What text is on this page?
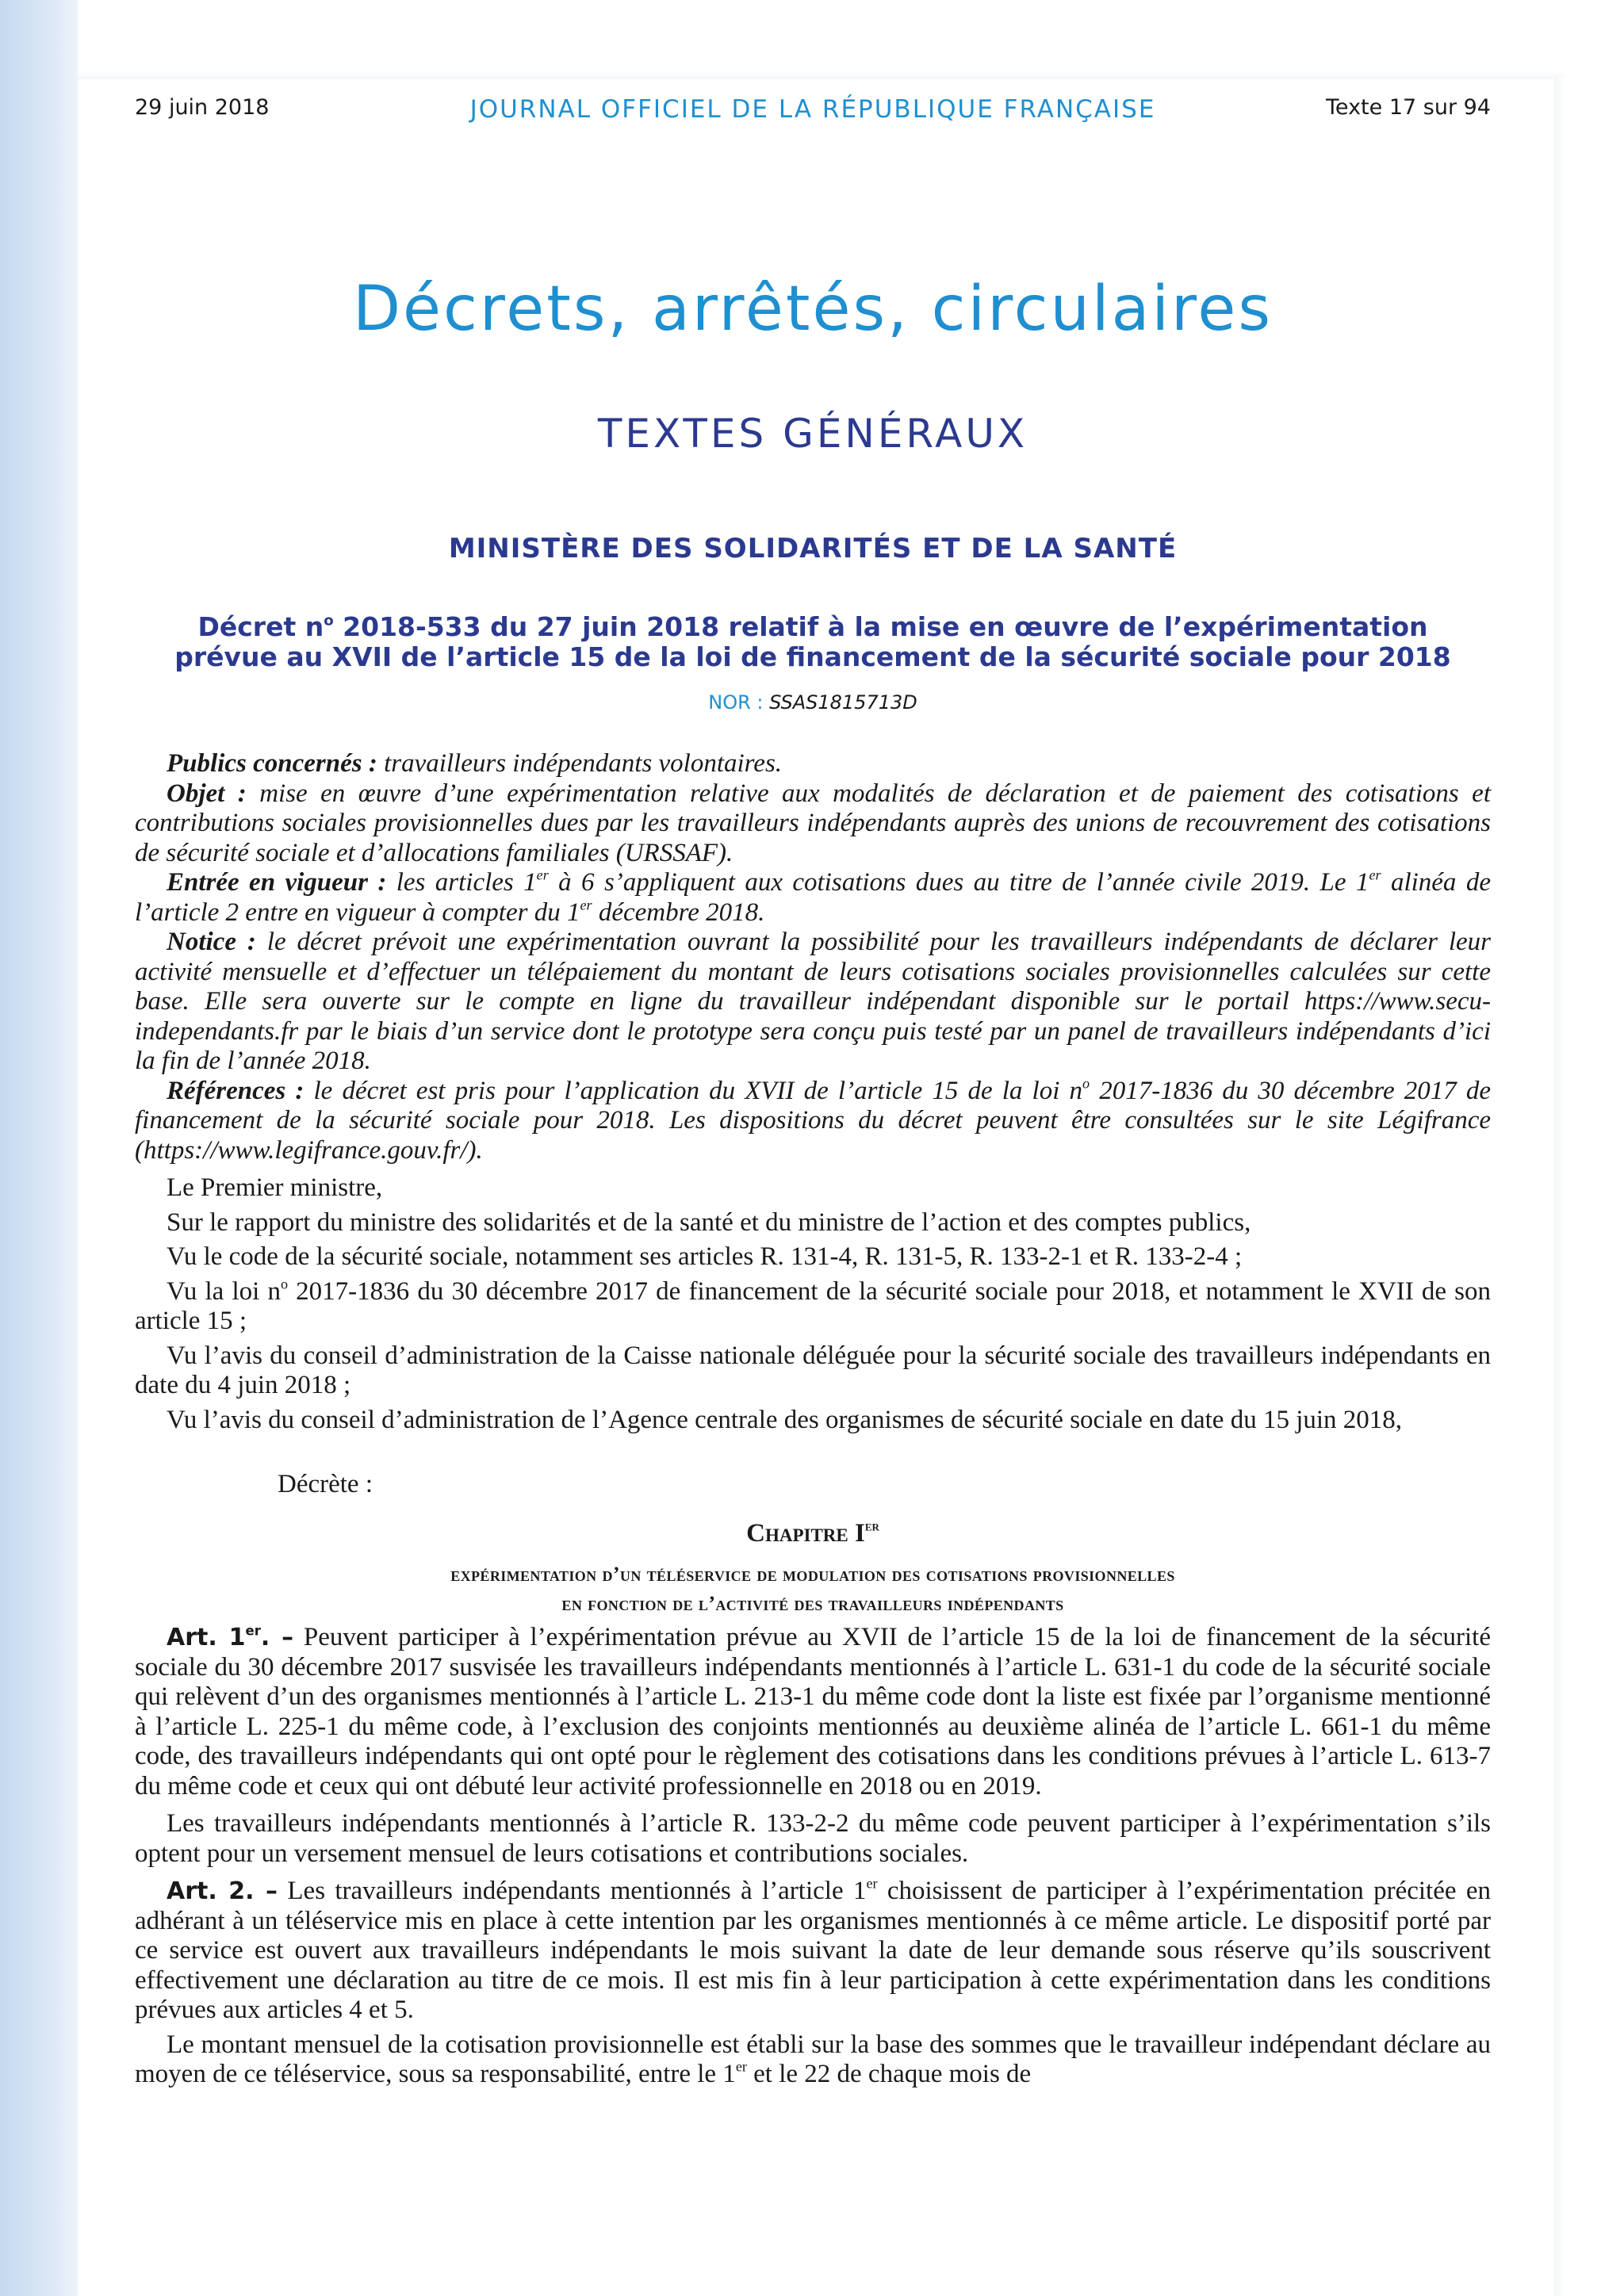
29 juin 2018	JOURNAL OFFICIEL DE LA RÉPUBLIQUE FRANÇAISE	Texte 17 sur 94
Décrets, arrêtés, circulaires
TEXTES GÉNÉRAUX
MINISTÈRE DES SOLIDARITÉS ET DE LA SANTÉ
Décret $n^o$ 2018-533 du 27 juin 2018 relatif à la mise en œuvre de l’expérimentation
prévue au XVII de l’article 15 de la loi de financement de la sécurité sociale pour 2018
NOR : SSAS1815713D

Publics concernés : travailleurs indépendants volontaires.

Objet : mise en œuvre d’une expérimentation relative aux modalités de déclaration et de paiement des cotisations et contributions sociales provisionnelles dues par les travailleurs indépendants auprès des unions de recouvrement des cotisations de sécurité sociale et d’allocations familiales (URSSAF).

Entrée en vigueur : les articles 1er à 6 s’appliquent aux cotisations dues au titre de l’année civile 2019. Le 1er alinéa de l’article 2 entre en vigueur à compter du 1er décembre 2018.

Notice : le décret prévoit une expérimentation ouvrant la possibilité pour les travailleurs indépendants de déclarer leur activité mensuelle et d’effectuer un télépaiement du montant de leurs cotisations sociales provisionnelles calculées sur cette base. Elle sera ouverte sur le compte en ligne du travailleur indépendant disponible sur le portail https://www.secu-independants.fr par le biais d’un service dont le prototype sera conçu puis testé par un panel de travailleurs indépendants d’ici la fin de l’année 2018.

Références : le décret est pris pour l’application du XVII de l’article 15 de la loi $n^o$ 2017-1836 du 30 décembre 2017 de financement de la sécurité sociale pour 2018. Les dispositions du décret peuvent être consultées sur le site Légifrance (https://www.legifrance.gouv.fr/).

Le Premier ministre,

Sur le rapport du ministre des solidarités et de la santé et du ministre de l’action et des comptes publics,

Vu le code de la sécurité sociale, notamment ses articles R. 131-4, R. 131-5, R. 133-2-1 et R. 133-2-4 ;

Vu la loi $n^o$ 2017-1836 du 30 décembre 2017 de financement de la sécurité sociale pour 2018, et notamment le XVII de son article 15 ;

Vu l’avis du conseil d’administration de la Caisse nationale déléguée pour la sécurité sociale des travailleurs indépendants en date du 4 juin 2018 ;

Vu l’avis du conseil d’administration de l’Agence centrale des organismes de sécurité sociale en date du 15 juin 2018,

Décrète :

Chapitre Ier
expérimentation d’un téléservice de modulation des cotisations provisionnelles
en fonction de l’activité des travailleurs indépendants

Art. 1er. – Peuvent participer à l’expérimentation prévue au XVII de l’article 15 de la loi de financement de la sécurité sociale du 30 décembre 2017 susvisée les travailleurs indépendants mentionnés à l’article L. 631-1 du code de la sécurité sociale qui relèvent d’un des organismes mentionnés à l’article L. 213-1 du même code dont la liste est fixée par l’organisme mentionné à l’article L. 225-1 du même code, à l’exclusion des conjoints mentionnés au deuxième alinéa de l’article L. 661-1 du même code, des travailleurs indépendants qui ont opté pour le règlement des cotisations dans les conditions prévues à l’article L. 613-7 du même code et ceux qui ont débuté leur activité professionnelle en 2018 ou en 2019.

Les travailleurs indépendants mentionnés à l’article R. 133-2-2 du même code peuvent participer à l’expérimentation s’ils optent pour un versement mensuel de leurs cotisations et contributions sociales.

Art. 2. – Les travailleurs indépendants mentionnés à l’article 1er choisissent de participer à l’expérimentation précitée en adhérant à un téléservice mis en place à cette intention par les organismes mentionnés à ce même article. Le dispositif porté par ce service est ouvert aux travailleurs indépendants le mois suivant la date de leur demande sous réserve qu’ils souscrivent effectivement une déclaration au titre de ce mois. Il est mis fin à leur participation à cette expérimentation dans les conditions prévues aux articles 4 et 5.

Le montant mensuel de la cotisation provisionnelle est établi sur la base des sommes que le travailleur indépendant déclare au moyen de ce téléservice, sous sa responsabilité, entre le 1er et le 22 de chaque mois de
